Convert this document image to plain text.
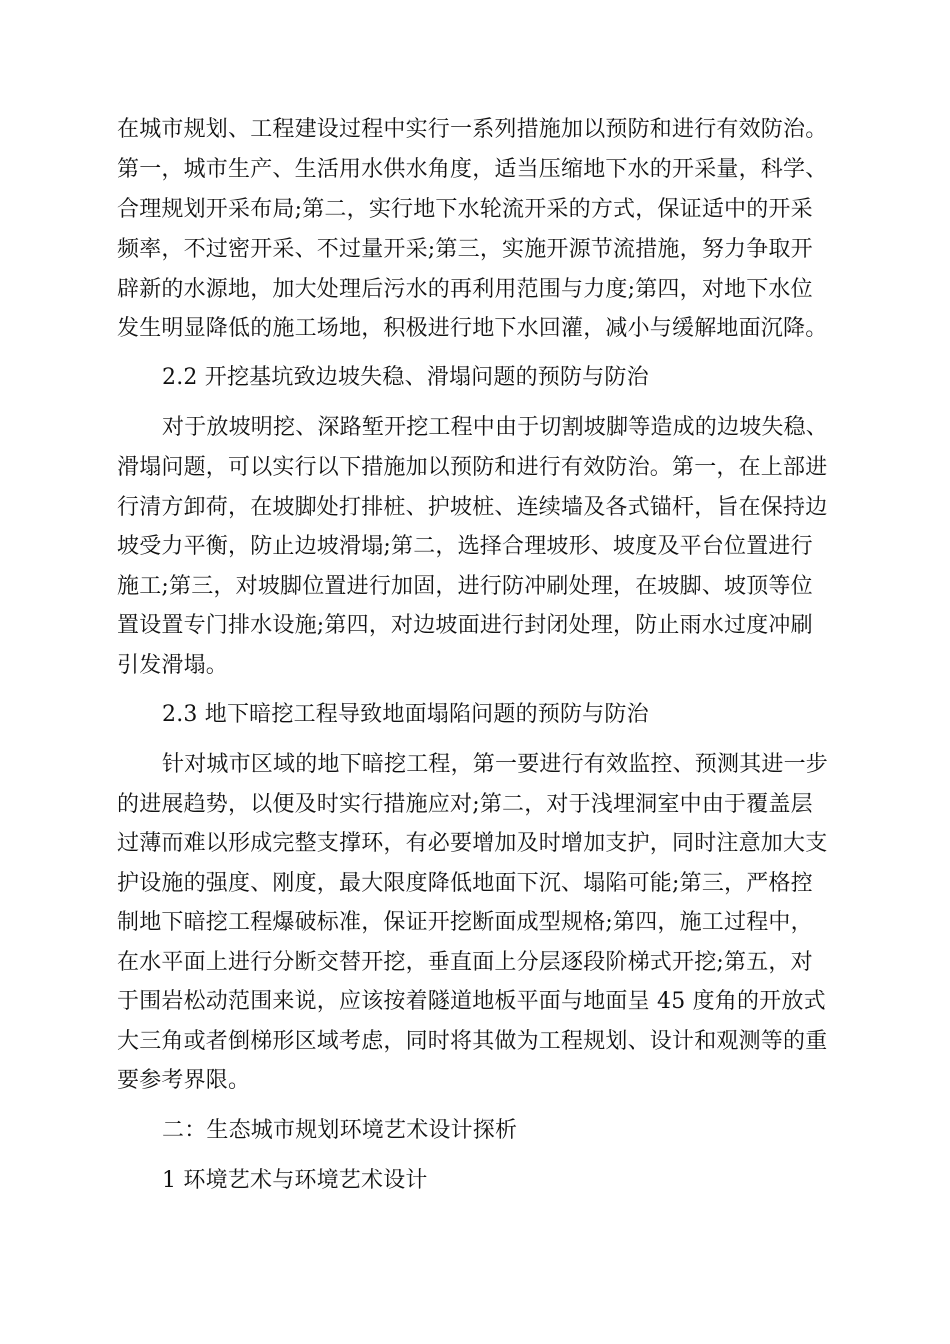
在城市规划、工程建设过程中实行一系列措施加以预防和进行有效防治。
第一，城市生产、生活用水供水角度，适当压缩地下水的开采量，科学、
合理规划开采布局;第二，实行地下水轮流开采的方式，保证适中的开采
频率，不过密开采、不过量开采;第三，实施开源节流措施，努力争取开
辟新的水源地，加大处理后污水的再利用范围与力度;第四，对地下水位
发生明显降低的施工场地，积极进行地下水回灌，减小与缓解地面沉降。
2.2 开挖基坑致边坡失稳、滑塌问题的预防与防治
对于放坡明挖、深路堑开挖工程中由于切割坡脚等造成的边坡失稳、
滑塌问题，可以实行以下措施加以预防和进行有效防治。第一，在上部进
行清方卸荷，在坡脚处打排桩、护坡桩、连续墙及各式锚杆，旨在保持边
坡受力平衡，防止边坡滑塌;第二，选择合理坡形、坡度及平台位置进行
施工;第三，对坡脚位置进行加固，进行防冲刷处理，在坡脚、坡顶等位
置设置专门排水设施;第四，对边坡面进行封闭处理，防止雨水过度冲刷
引发滑塌。
2.3 地下暗挖工程导致地面塌陷问题的预防与防治
针对城市区域的地下暗挖工程，第一要进行有效监控、预测其进一步
的进展趋势，以便及时实行措施应对;第二，对于浅埋洞室中由于覆盖层
过薄而难以形成完整支撑环，有必要增加及时增加支护，同时注意加大支
护设施的强度、刚度，最大限度降低地面下沉、塌陷可能;第三，严格控
制地下暗挖工程爆破标准，保证开挖断面成型规格;第四，施工过程中，
在水平面上进行分断交替开挖，垂直面上分层逐段阶梯式开挖;第五，对
于围岩松动范围来说，应该按着隧道地板平面与地面呈 45 度角的开放式
大三角或者倒梯形区域考虑，同时将其做为工程规划、设计和观测等的重
要参考界限。
二：生态城市规划环境艺术设计探析
1 环境艺术与环境艺术设计
